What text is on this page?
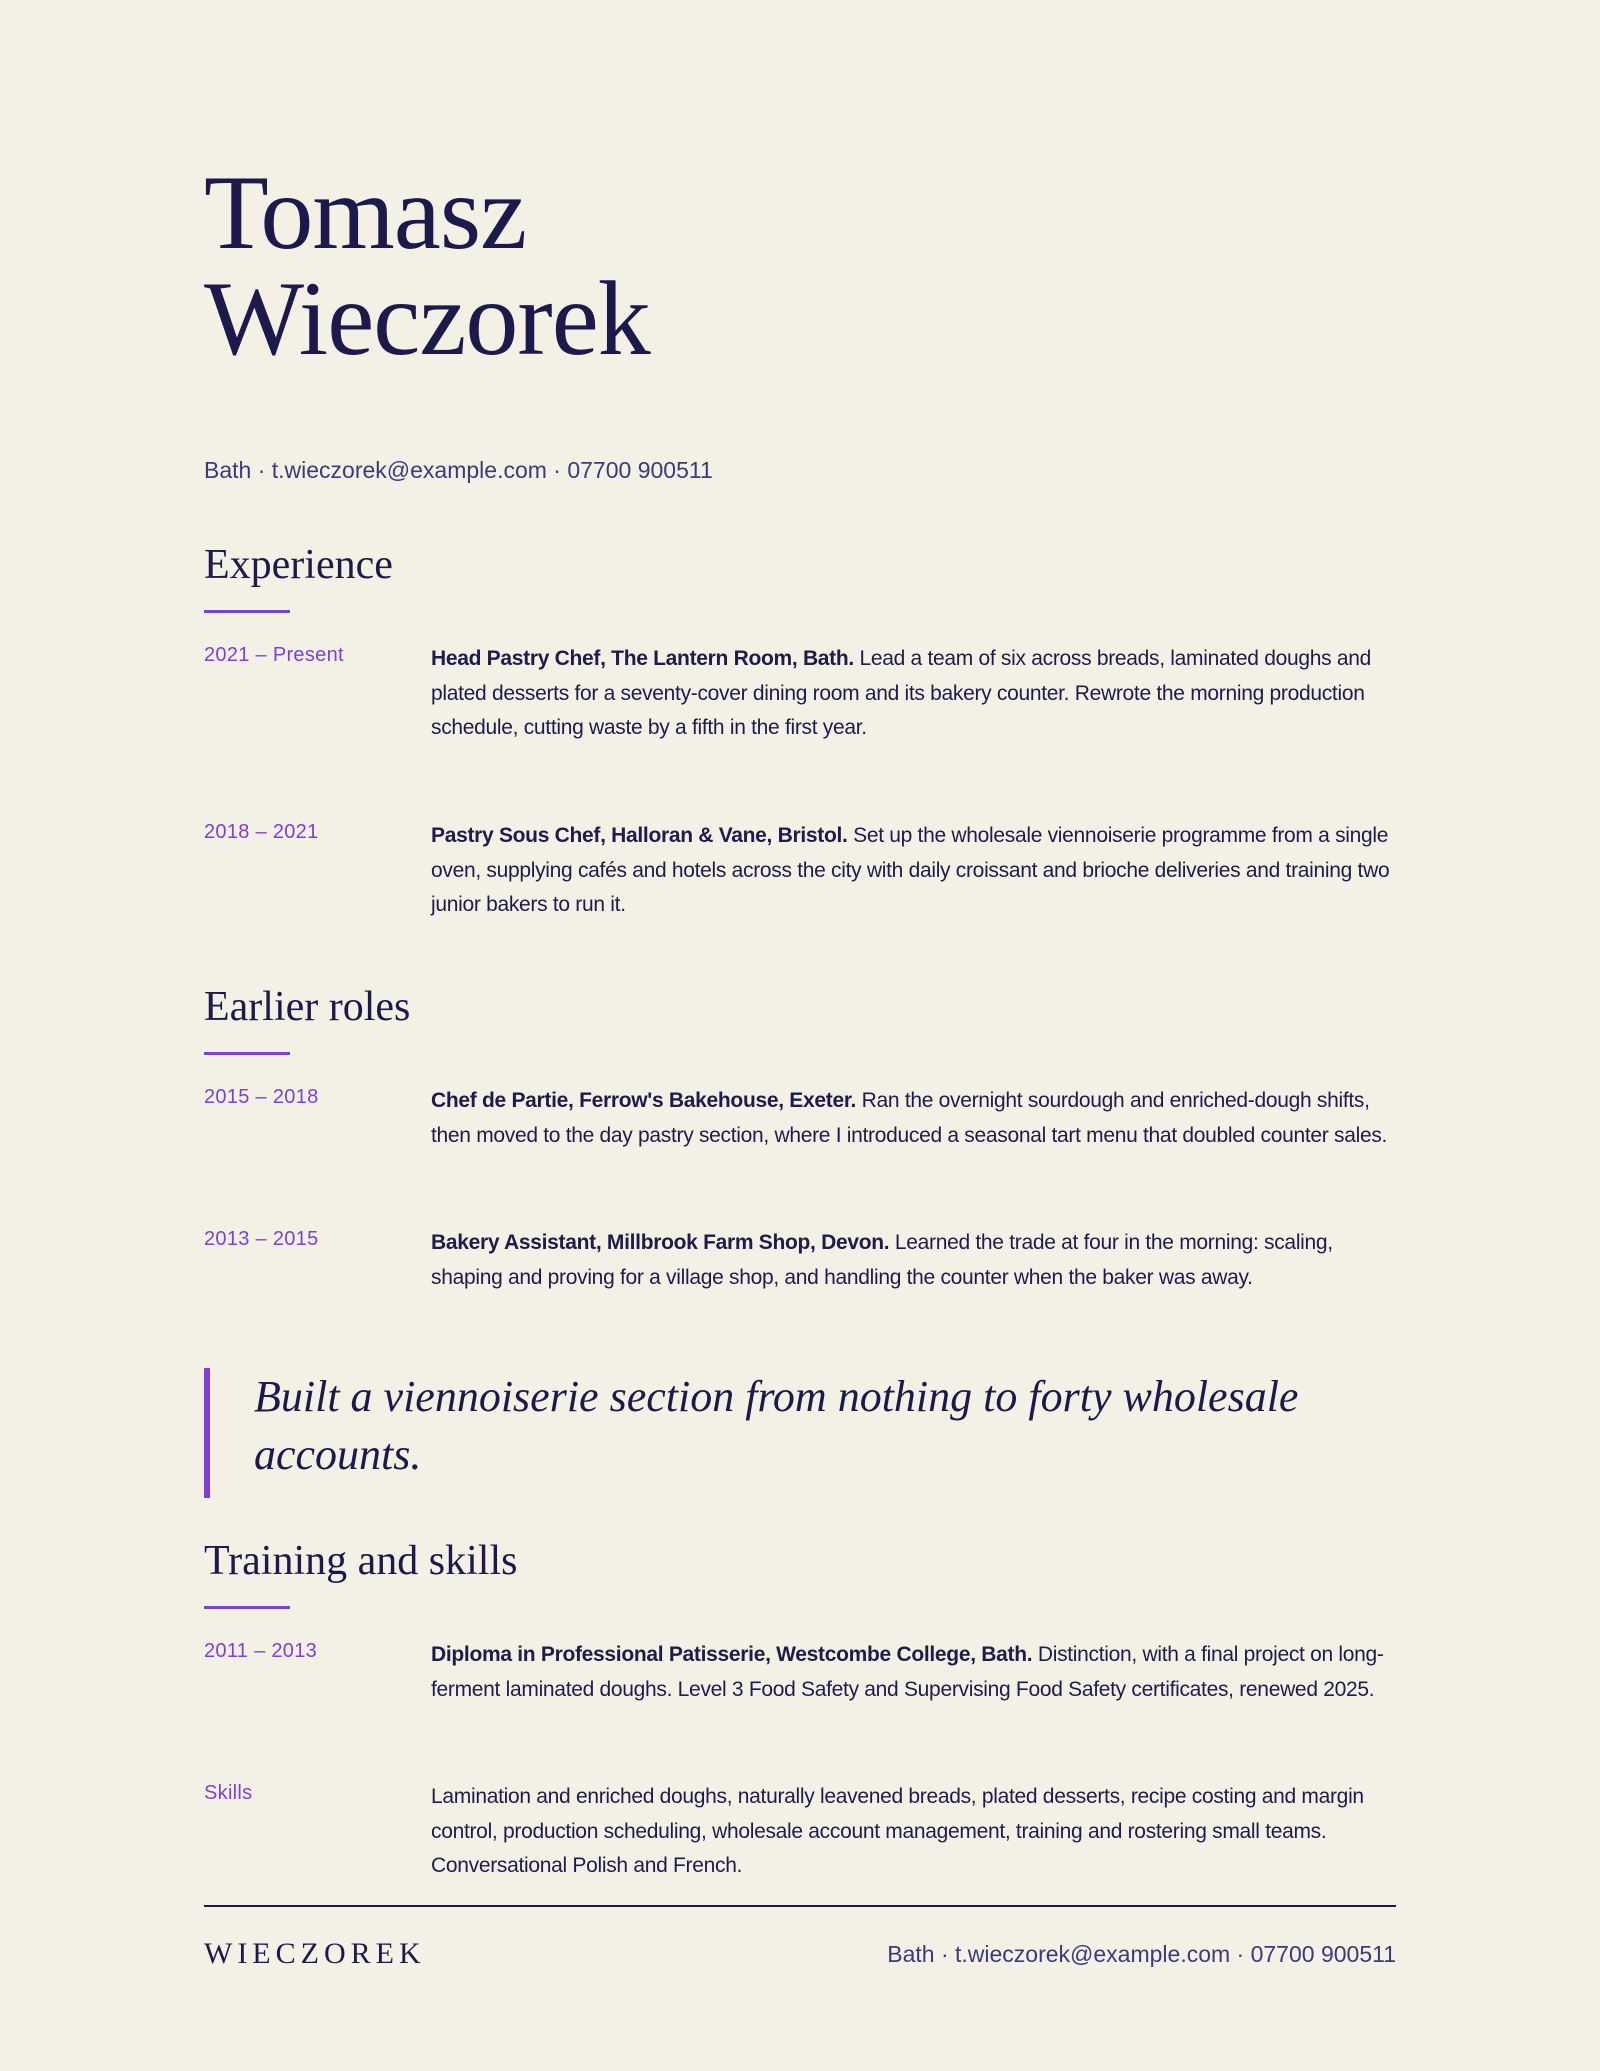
Tomasz
Wieczorek
Bath · t.wieczorek@example.com · 07700 900511
Experience
2021 – Present	Head Pastry Chef, The Lantern Room, Bath. Lead a team of six across breads, laminated doughs and plated desserts for a seventy-cover dining room and its bakery counter. Rewrote the morning production schedule, cutting waste by a fifth in the first year.
2018 – 2021	Pastry Sous Chef, Halloran & Vane, Bristol. Set up the wholesale viennoiserie programme from a single oven, supplying cafés and hotels across the city with daily croissant and brioche deliveries and training two junior bakers to run it.
Earlier roles
2015 – 2018	Chef de Partie, Ferrow's Bakehouse, Exeter. Ran the overnight sourdough and enriched-dough shifts, then moved to the day pastry section, where I introduced a seasonal tart menu that doubled counter sales.
2013 – 2015	Bakery Assistant, Millbrook Farm Shop, Devon. Learned the trade at four in the morning: scaling, shaping and proving for a village shop, and handling the counter when the baker was away.

Built a viennoiserie section from nothing to forty wholesale accounts.

Training and skills
2011 – 2013	Diploma in Professional Patisserie, Westcombe College, Bath. Distinction, with a final project on long-ferment laminated doughs. Level 3 Food Safety and Supervising Food Safety certificates, renewed 2025.
Skills	Lamination and enriched doughs, naturally leavened breads, plated desserts, recipe costing and margin control, production scheduling, wholesale account management, training and rostering small teams. Conversational Polish and French.
WIECZOREK	Bath · t.wieczorek@example.com · 07700 900511
